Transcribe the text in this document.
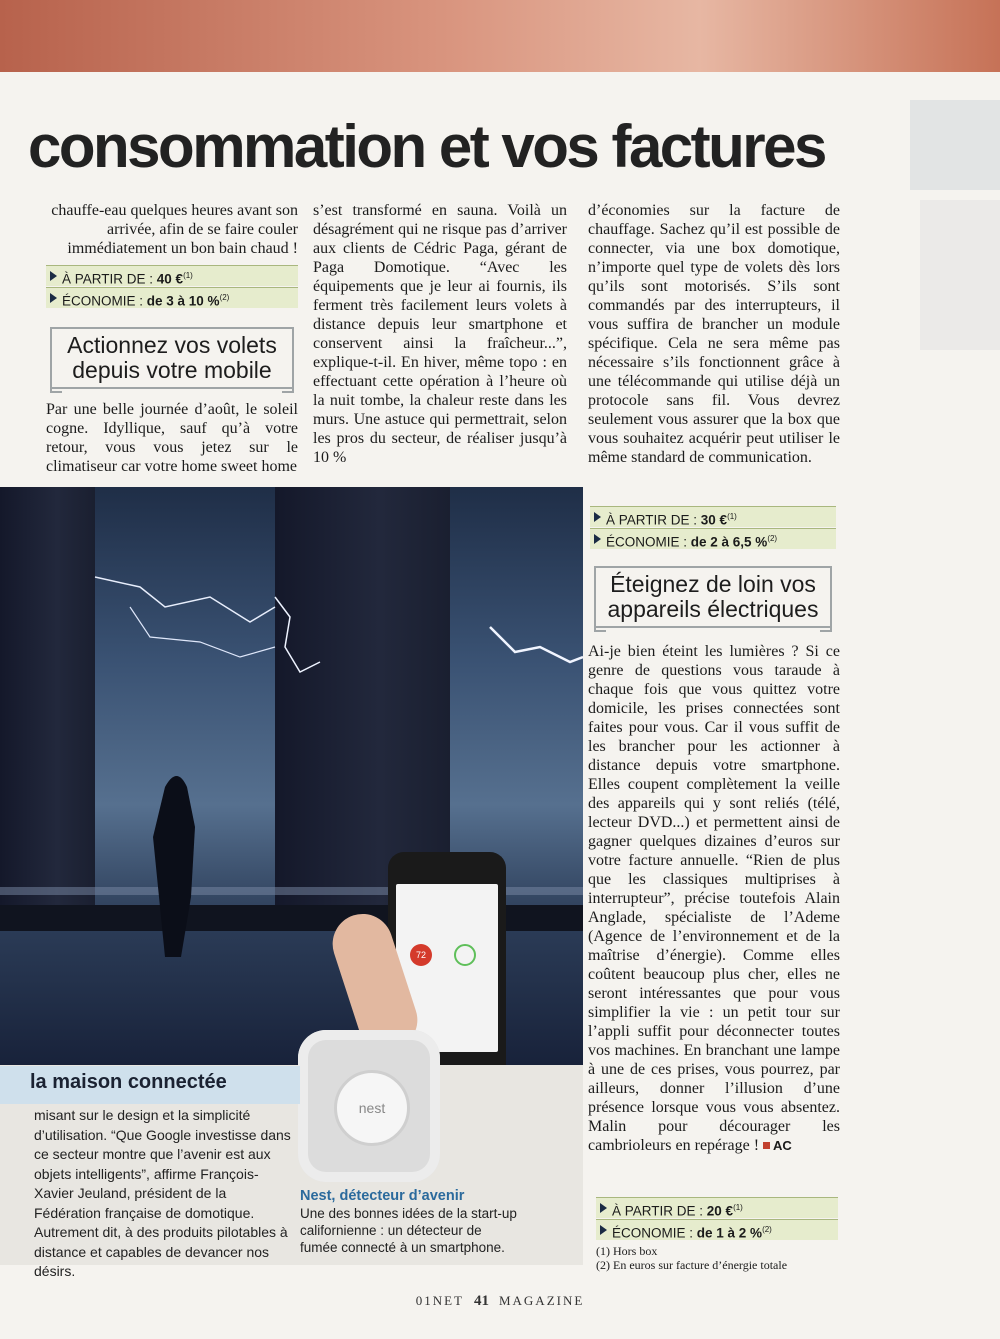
consommation et vos factures

chauffe-eau quelques heures avant son arrivée, afin de se faire couler immédiatement un bon bain chaud !

À PARTIR DE : 40 €$^{(1)}$
ÉCONOMIE : de 3 à 10 %$^{(2)}$
Actionnez vos volets
depuis votre mobile

Par une belle journée d’août, le soleil cogne. Idyllique, sauf qu’à votre retour, vous vous jetez sur le climatiseur car votre home sweet home

s’est transformé en sauna. Voilà un désagrément qui ne risque pas d’arriver aux clients de Cédric Paga, gérant de Paga Domotique. “Avec les équipements que je leur ai fournis, ils ferment très facilement leurs volets à distance depuis leur smartphone et conservent ainsi la fraîcheur...”, explique-t-il. En hiver, même topo : en effectuant cette opération à l’heure où la nuit tombe, la chaleur reste dans les murs. Une astuce qui permettrait, selon les pros du secteur, de réaliser jusqu’à 10 %

d’économies sur la facture de chauffage. Sachez qu’il est possible de connecter, via une box domotique, n’importe quel type de volets dès lors qu’ils sont motorisés. S’ils sont commandés par des interrupteurs, il vous suffira de brancher un module spécifique. Cela ne sera même pas nécessaire s’ils fonctionnent grâce à une télécommande qui utilise déjà un protocole sans fil. Vous devrez seulement vous assurer que la box que vous souhaitez acquérir peut utiliser le même standard de communication.

À PARTIR DE : 30 €$^{(1)}$
ÉCONOMIE : de 2 à 6,5 %$^{(2)}$
Éteignez de loin vos
appareils électriques

Ai-je bien éteint les lumières ? Si ce genre de questions vous taraude à chaque fois que vous quittez votre domicile, les prises connectées sont faites pour vous. Car il vous suffit de les brancher pour les actionner à distance depuis votre smartphone. Elles coupent complètement la veille des appareils qui y sont reliés (télé, lecteur DVD...) et permettent ainsi de gagner quelques dizaines d’euros sur votre facture annuelle. “Rien de plus que les classiques multiprises à interrupteur”, précise toutefois Alain Anglade, spécialiste de l’Ademe (Agence de l’environnement et de la maîtrise d’énergie). Comme elles coûtent beaucoup plus cher, elles ne seront intéressantes que pour vous simplifier la vie : un petit tour sur l’appli suffit pour déconnecter toutes vos machines. En branchant une lampe à une de ces prises, vous pourrez, par ailleurs, donner l’illusion d’une présence lorsque vous vous absentez. Malin pour décourager les cambrioleurs en repérage ! AC

À PARTIR DE : 20 €$^{(1)}$
ÉCONOMIE : de 1 à 2 %$^{(2)}$
(1) Hors box
(2) En euros sur facture d’énergie totale
72
nest
la maison connectée
misant sur le design et la simplicité d’utilisation. “Que Google investisse dans ce secteur montre que l’avenir est aux objets intelligents”, affirme François-Xavier Jeuland, président de la Fédération française de domotique. Autrement dit, à des produits pilotables à distance et capables de devancer nos désirs.
Nest, détecteur d’avenir
Une des bonnes idées de la start-up californienne : un détecteur de fumée connecté à un smartphone.
01NET 41 MAGAZINE
